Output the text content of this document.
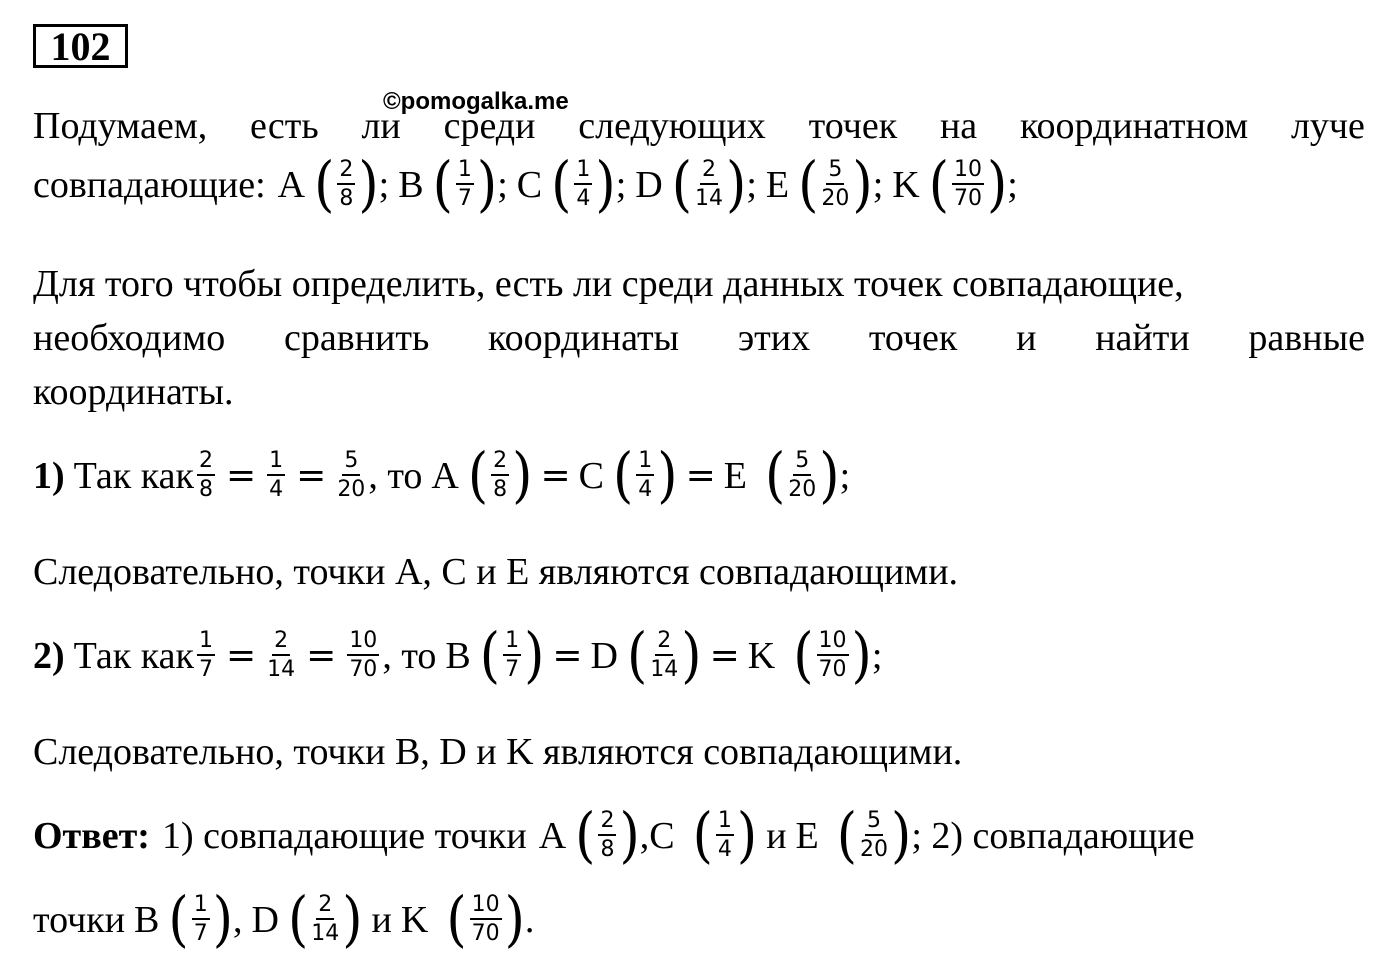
102
©pomogalka.me
Подумаем, есть ли среди следующих точек на координатном луче
совпадающие: A ( $\frac{2}{8}$ ) ; B ( $\frac{1}{7}$ ) ; C ( $\frac{1}{4}$ ) ; D ( $\frac{2}{14}$ ) ; E ( $\frac{5}{20}$ ) ; K ( $\frac{10}{70}$ ) ;
Для того чтобы определить, есть ли среди данных точек совпадающие,
необходимо сравнить координаты этих точек и найти равные
координаты.
1) Так как $\frac{2}{8} = \frac{1}{4} = \frac{5}{20}$ , то A ( $\frac{2}{8}$ ) = C ( $\frac{1}{4}$ ) = E ( $\frac{5}{20}$ ) ;
Следовательно, точки A, C и E являются совпадающими.
2) Так как $\frac{1}{7} = \frac{2}{14} = \frac{10}{70}$ , то B ( $\frac{1}{7}$ ) = D ( $\frac{2}{14}$ ) = K ( $\frac{10}{70}$ ) ;
Следовательно, точки B, D и K являются совпадающими.
Ответ: 1) совпадающие точки A ( $\frac{2}{8}$ ) , C ( $\frac{1}{4}$ ) и E ( $\frac{5}{20}$ ) ; 2) совпадающие
точки B ( $\frac{1}{7}$ ) , D ( $\frac{2}{14}$ ) и K ( $\frac{10}{70}$ ) .
